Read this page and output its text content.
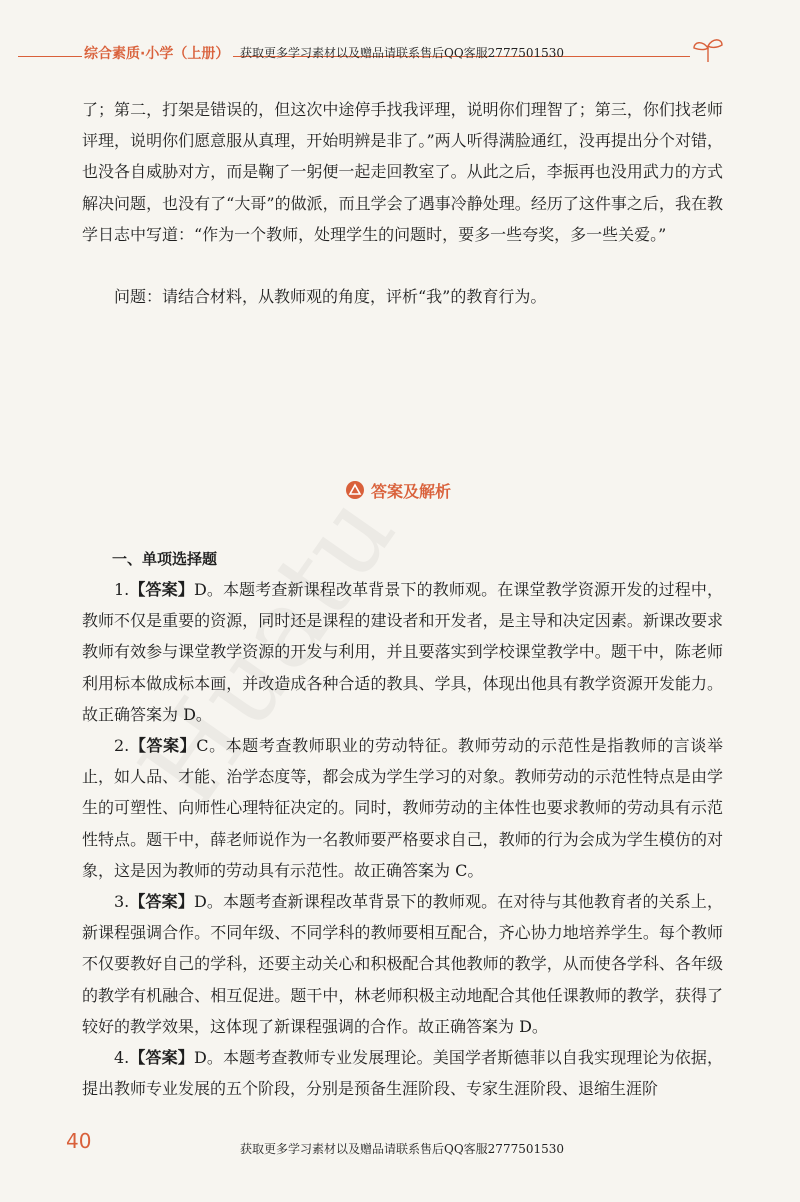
综合素质·小学（上册） 获取更多学习素材以及赠品请联系售后QQ客服2777501530

了；第二，打架是错误的，但这次中途停手找我评理，说明你们理智了；第三，你们找老师评理，说明你们愿意服从真理，开始明辨是非了。”两人听得满脸通红，没再提出分个对错，也没各自威胁对方，而是鞠了一躬便一起走回教室了。从此之后，李振再也没用武力的方式解决问题，也没有了“大哥”的做派，而且学会了遇事冷静处理。经历了这件事之后，我在教学日志中写道：“作为一个教师，处理学生的问题时，要多一些夸奖，多一些关爱。”

问题：请结合材料，从教师观的角度，评析“我”的教育行为。

答案及解析
一、单项选择题

1.【答案】D。本题考查新课程改革背景下的教师观。在课堂教学资源开发的过程中，教师不仅是重要的资源，同时还是课程的建设者和开发者，是主导和决定因素。新课改要求教师有效参与课堂教学资源的开发与利用，并且要落实到学校课堂教学中。题干中，陈老师利用标本做成标本画，并改造成各种合适的教具、学具，体现出他具有教学资源开发能力。故正确答案为 D。

2.【答案】C。本题考查教师职业的劳动特征。教师劳动的示范性是指教师的言谈举止，如人品、才能、治学态度等，都会成为学生学习的对象。教师劳动的示范性特点是由学生的可塑性、向师性心理特征决定的。同时，教师劳动的主体性也要求教师的劳动具有示范性特点。题干中，薛老师说作为一名教师要严格要求自己，教师的行为会成为学生模仿的对象，这是因为教师的劳动具有示范性。故正确答案为 C。

3.【答案】D。本题考查新课程改革背景下的教师观。在对待与其他教育者的关系上，新课程强调合作。不同年级、不同学科的教师要相互配合，齐心协力地培养学生。每个教师不仅要教好自己的学科，还要主动关心和积极配合其他教师的教学，从而使各学科、各年级的教学有机融合、相互促进。题干中，林老师积极主动地配合其他任课教师的教学，获得了较好的教学效果，这体现了新课程强调的合作。故正确答案为 D。

4.【答案】D。本题考查教师专业发展理论。美国学者斯德菲以自我实现理论为依据，提出教师专业发展的五个阶段，分别是预备生涯阶段、专家生涯阶段、退缩生涯阶

40	获取更多学习素材以及赠品请联系售后QQ客服2777501530
